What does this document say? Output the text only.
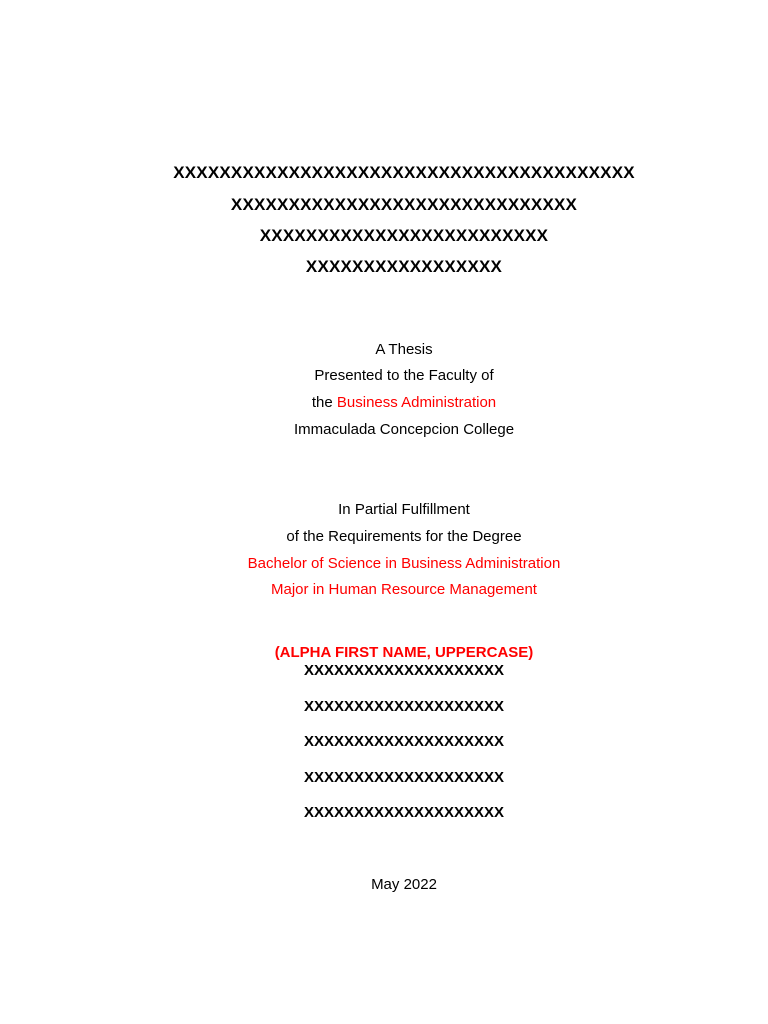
XXXXXXXXXXXXXXXXXXXXXXXXXXXXXXXXXXXXXXXX
XXXXXXXXXXXXXXXXXXXXXXXXXXXXXX
XXXXXXXXXXXXXXXXXXXXXXXXX
XXXXXXXXXXXXXXXXX
A Thesis
Presented to the Faculty of
the Business Administration
Immaculada Concepcion College
In Partial Fulfillment
of the Requirements for the Degree
Bachelor of Science in Business Administration
Major in Human Resource Management
(ALPHA FIRST NAME, UPPERCASE)
XXXXXXXXXXXXXXXXXXXX
XXXXXXXXXXXXXXXXXXXX
XXXXXXXXXXXXXXXXXXXX
XXXXXXXXXXXXXXXXXXXX
XXXXXXXXXXXXXXXXXXXX
May 2022
